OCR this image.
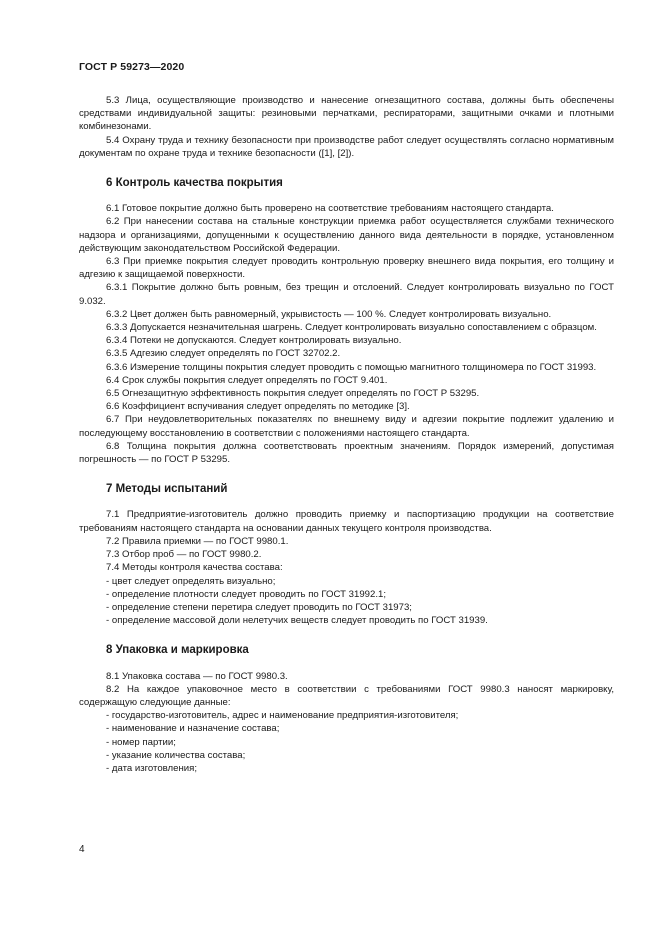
ГОСТ Р 59273—2020
5.3 Лица, осуществляющие производство и нанесение огнезащитного состава, должны быть обеспечены средствами индивидуальной защиты: резиновыми перчатками, респираторами, защитными очками и плотными комбинезонами.
5.4 Охрану труда и технику безопасности при производстве работ следует осуществлять согласно нормативным документам по охране труда и технике безопасности ([1], [2]).
6 Контроль качества покрытия
6.1 Готовое покрытие должно быть проверено на соответствие требованиям настоящего стандарта.
6.2 При нанесении состава на стальные конструкции приемка работ осуществляется службами технического надзора и организациями, допущенными к осуществлению данного вида деятельности в порядке, установленном действующим законодательством Российской Федерации.
6.3 При приемке покрытия следует проводить контрольную проверку внешнего вида покрытия, его толщину и адгезию к защищаемой поверхности.
6.3.1 Покрытие должно быть ровным, без трещин и отслоений. Следует контролировать визуально по ГОСТ 9.032.
6.3.2 Цвет должен быть равномерный, укрывистость — 100 %. Следует контролировать визуально.
6.3.3 Допускается незначительная шагрень. Следует контролировать визуально сопоставлением с образцом.
6.3.4 Потеки не допускаются. Следует контролировать визуально.
6.3.5 Адгезию следует определять по ГОСТ 32702.2.
6.3.6 Измерение толщины покрытия следует проводить с помощью магнитного толщиномера по ГОСТ 31993.
6.4 Срок службы покрытия следует определять по ГОСТ 9.401.
6.5 Огнезащитную эффективность покрытия следует определять по ГОСТ Р 53295.
6.6 Коэффициент вспучивания следует определять по методике [3].
6.7 При неудовлетворительных показателях по внешнему виду и адгезии покрытие подлежит удалению и последующему восстановлению в соответствии с положениями настоящего стандарта.
6.8 Толщина покрытия должна соответствовать проектным значениям. Порядок измерений, допустимая погрешность — по ГОСТ Р 53295.
7 Методы испытаний
7.1 Предприятие-изготовитель должно проводить приемку и паспортизацию продукции на соответствие требованиям настоящего стандарта на основании данных текущего контроля производства.
7.2 Правила приемки — по ГОСТ 9980.1.
7.3 Отбор проб — по ГОСТ 9980.2.
7.4 Методы контроля качества состава:
- цвет следует определять визуально;
- определение плотности следует проводить по ГОСТ 31992.1;
- определение степени перетира следует проводить по ГОСТ 31973;
- определение массовой доли нелетучих веществ следует проводить по ГОСТ 31939.
8 Упаковка и маркировка
8.1 Упаковка состава — по ГОСТ 9980.3.
8.2 На каждое упаковочное место в соответствии с требованиями ГОСТ 9980.3 наносят маркировку, содержащую следующие данные:
- государство-изготовитель, адрес и наименование предприятия-изготовителя;
- наименование и назначение состава;
- номер партии;
- указание количества состава;
- дата изготовления;
4
